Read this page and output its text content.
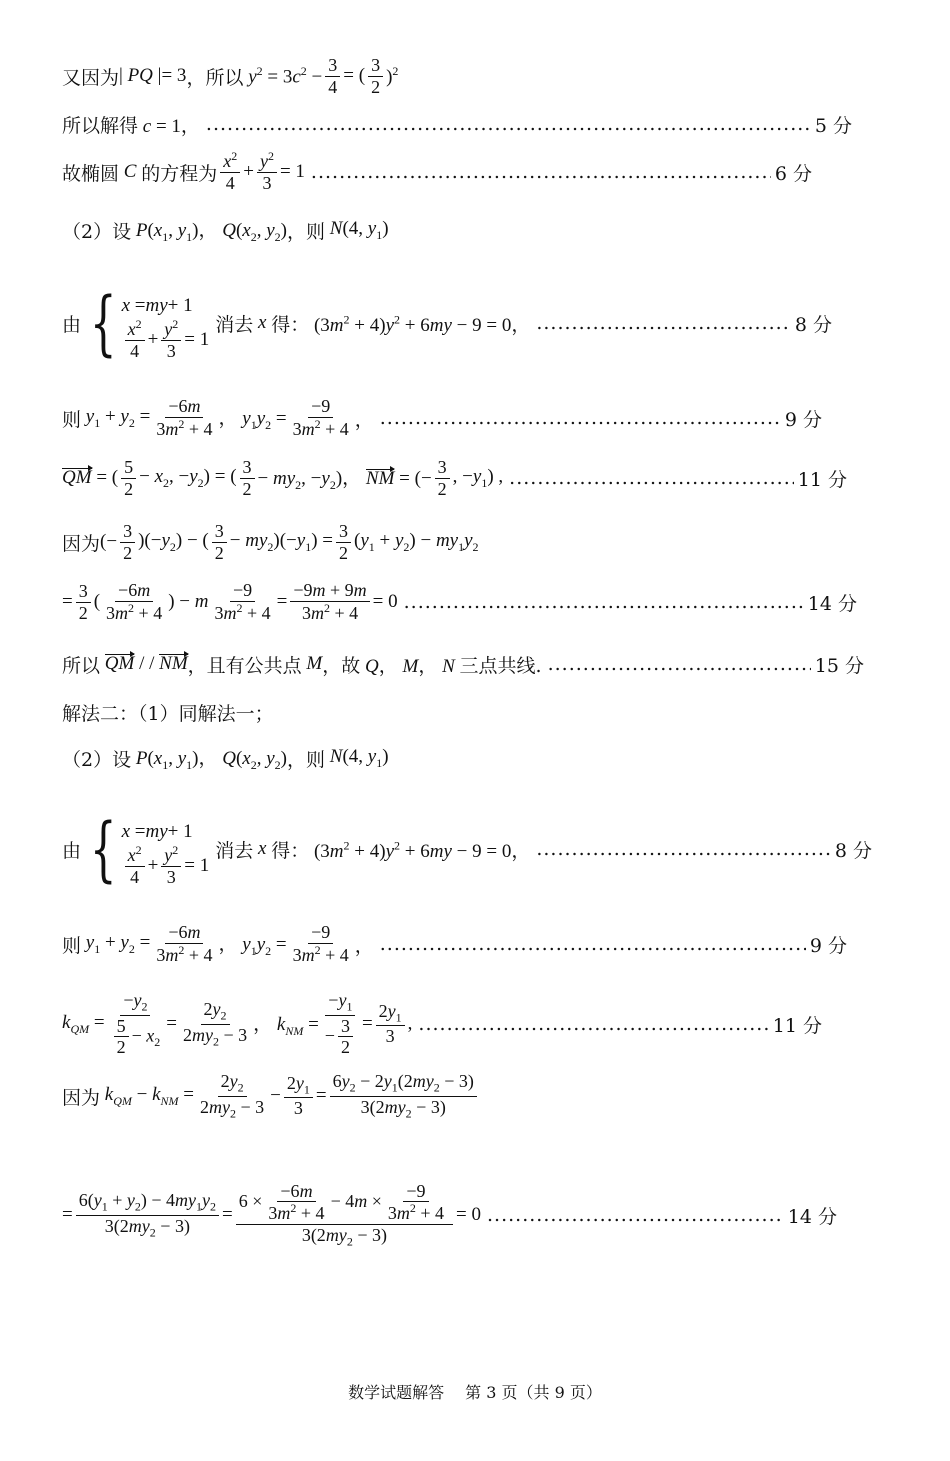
又因为 | PQ |= 3 ，所以 $y^2 = 3c^2 - \frac{3}{4}$ = ( $\frac{3}{2} )^2$
所以解得 c = 1， .....	5 分
故椭圆 C 的方程为 $\frac{x^2}{4} + \frac{y^2}{3} = 1$ .....	6 分
（2）设 $P(x_1$, $y_1$)， $Q(x_2$, $y_2$) ，则 N(4, $y_1$)
由 { x = my + 1
$\frac{x^2}{4} + \frac{y^2}{3} = 1$
消去 x 得： $(3m^2 + 4)y^2 + 6my - 9 = 0$， .....	8 分
则 $y_1 + y_2 = \frac{-6m}{3m^2 + 4}$ ， $y_1y_2 = \frac{-9}{3m^2 + 4}$ ， .....	9 分
QM = ( $\frac{5}{2} - x_2$, $-y_2$) = ( $\frac{3}{2} - my_2$, $-y_2$)， NM = (− $\frac{3}{2}$ , $-y_1$) , .....	11 分
因为 (− $\frac{3}{2} )(-y_2)$ − ( $\frac{3}{2} - my_2)(-y_1) = \frac{3}{2} (y_1 + y_2) - my_1y_2$
= $\frac{3}{2}$ ( $\frac{-6m}{3m^2 + 4}$ ) − m $\frac{-9}{3m^2 + 4} = \frac{-9m + 9m}{3m^2 + 4} = 0$ .....	14 分
所以 QM / / NM ，且有公共点 M ，故 Q， M， N 三点共线. .....	15 分
解法二：（1）同解法一；
（2）设 $P(x_1$, $y_1$)， $Q(x_2$, $y_2$) ，则 N(4, $y_1$)
由 { x = my + 1
$\frac{x^2}{4} + \frac{y^2}{3} = 1$
消去 x 得： $(3m^2 + 4)y^2 + 6my - 9 = 0$， .....	8 分
则 $y_1 + y_2 = \frac{-6m}{3m^2 + 4}$ ， $y_1y_2 = \frac{-9}{3m^2 + 4}$ ， .....	9 分
$k_{QM} = \frac{-y_2}{\frac{5}{2} - x_2} = \frac{2y_2}{2my_2 - 3}$ ， $k_{NM} = \frac{-y_1}{- \frac{3}{2}} = \frac{2y_1}{3}$ , .....	11 分
因为 $k_{QM} - k_{NM} = \frac{2y_2}{2my_2 - 3} - \frac{2y_1}{3} = \frac{6y_2 - 2y_1(2my_2 - 3)}{3(2my_2 - 3)}$
= $\frac{6(y_1 + y_2) - 4my_1y_2}{3(2my_2 - 3)} = \frac{6 \times \frac{-6m}{3m^2 + 4} - 4m \times \frac{-9}{3m^2 + 4}}{3(2my_2 - 3)} = 0$ .....	14 分
数学试题解答　 第 3 页（共 9 页）
